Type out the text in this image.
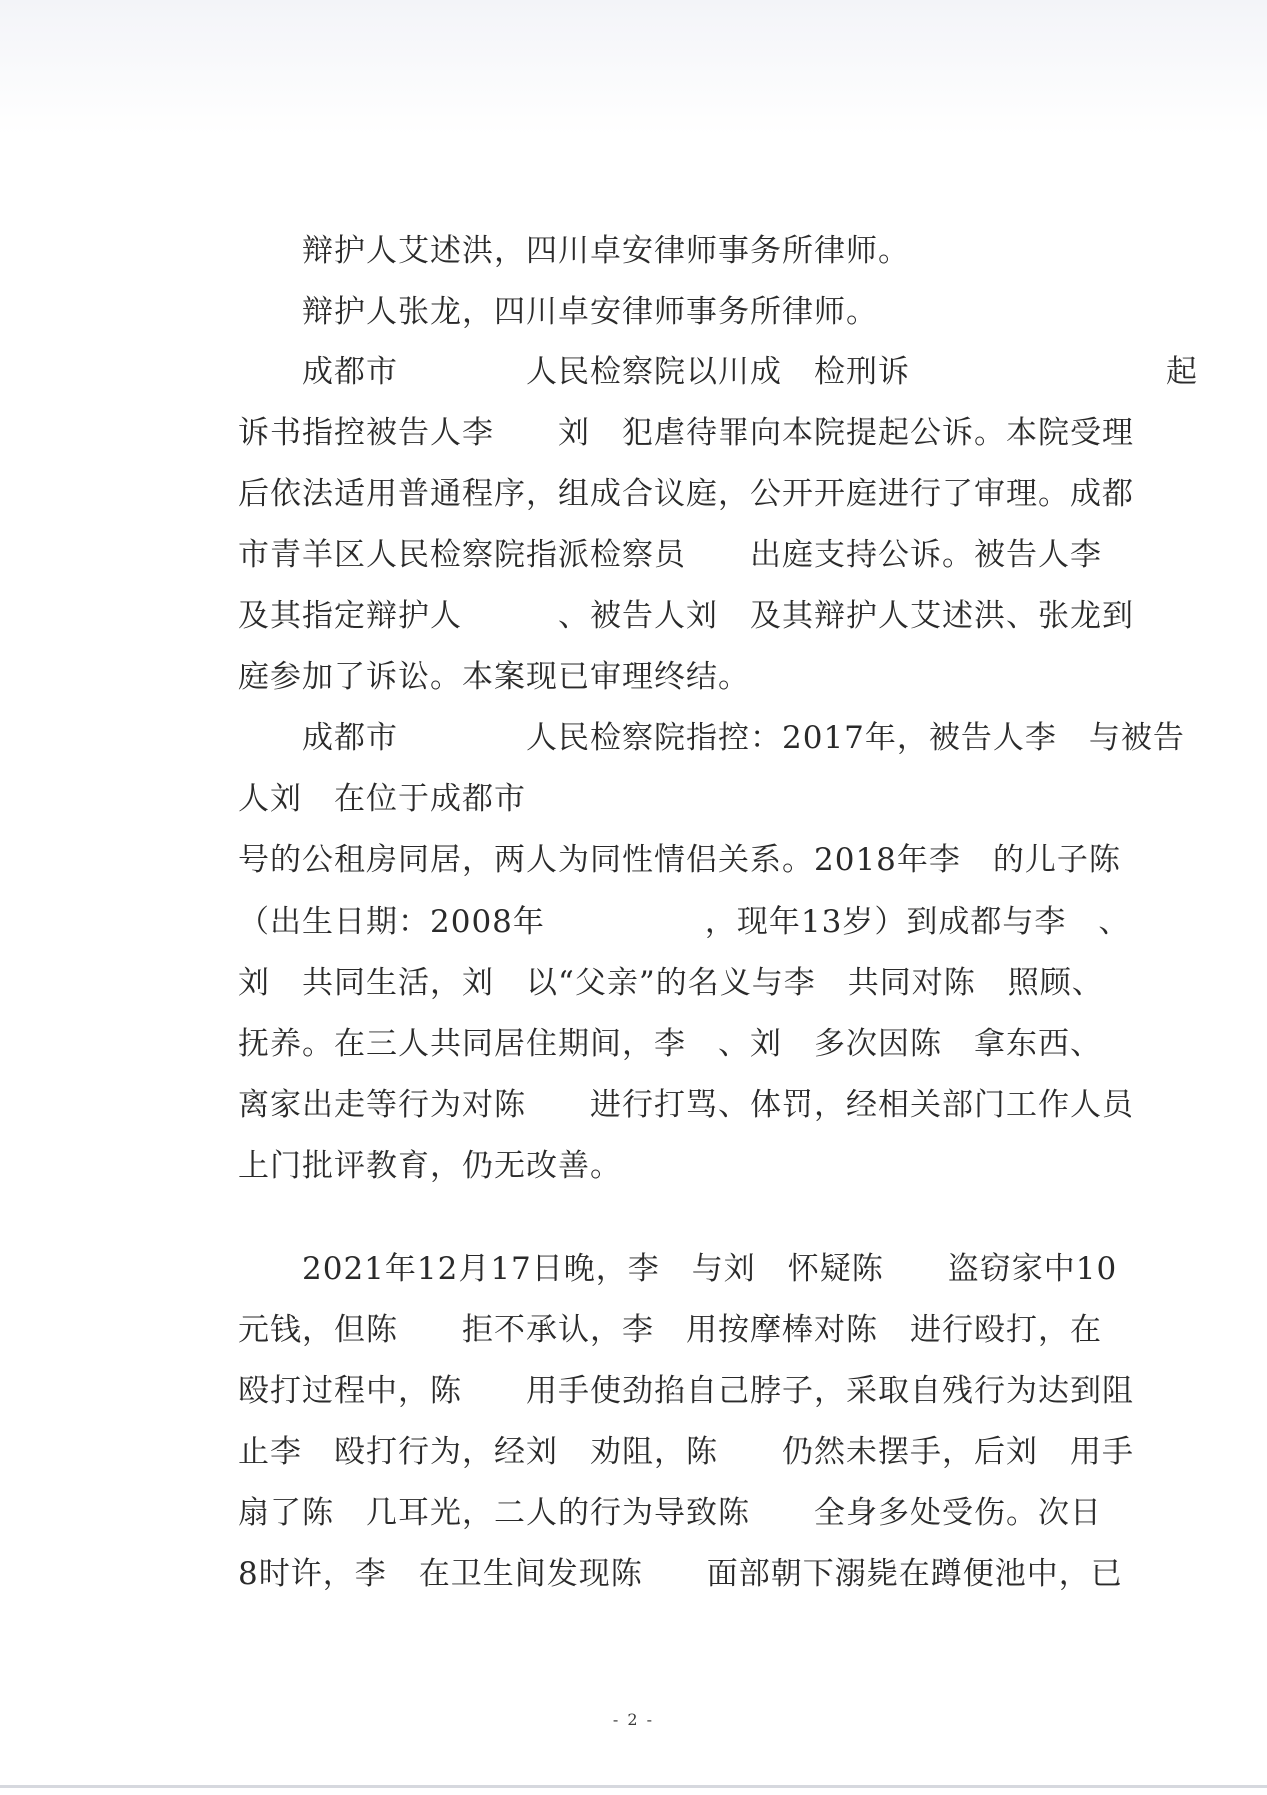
辩护人艾述洪，四川卓安律师事务所律师。

辩护人张龙，四川卓安律师事务所律师。

成都市　　　　人民检察院以川成　检刑诉　　　　　　　　起

诉书指控被告人李　　刘　犯虐待罪向本院提起公诉。本院受理

后依法适用普通程序，组成合议庭，公开开庭进行了审理。成都

市青羊区人民检察院指派检察员　　出庭支持公诉。被告人李

及其指定辩护人　　　、被告人刘　及其辩护人艾述洪、张龙到

庭参加了诉讼。本案现已审理终结。

成都市　　　　人民检察院指控：2017年，被告人李　与被告

人刘　在位于成都市

号的公租房同居，两人为同性情侣关系。2018年李　的儿子陈

（出生日期：2008年　　　　　，现年13岁）到成都与李　、

刘　共同生活，刘　以“父亲”的名义与李　共同对陈　照顾、

抚养。在三人共同居住期间，李　、刘　多次因陈　拿东西、

离家出走等行为对陈　　进行打骂、体罚，经相关部门工作人员

上门批评教育，仍无改善。

2021年12月17日晚，李　与刘　怀疑陈　　盗窃家中10

元钱，但陈　　拒不承认，李　用按摩棒对陈　进行殴打，在

殴打过程中，陈　　用手使劲掐自己脖子，采取自残行为达到阻

止李　殴打行为，经刘　劝阻，陈　　仍然未摆手，后刘　用手

扇了陈　几耳光，二人的行为导致陈　　全身多处受伤。次日

8时许，李　在卫生间发现陈　　面部朝下溺毙在蹲便池中，已

- 2 -
